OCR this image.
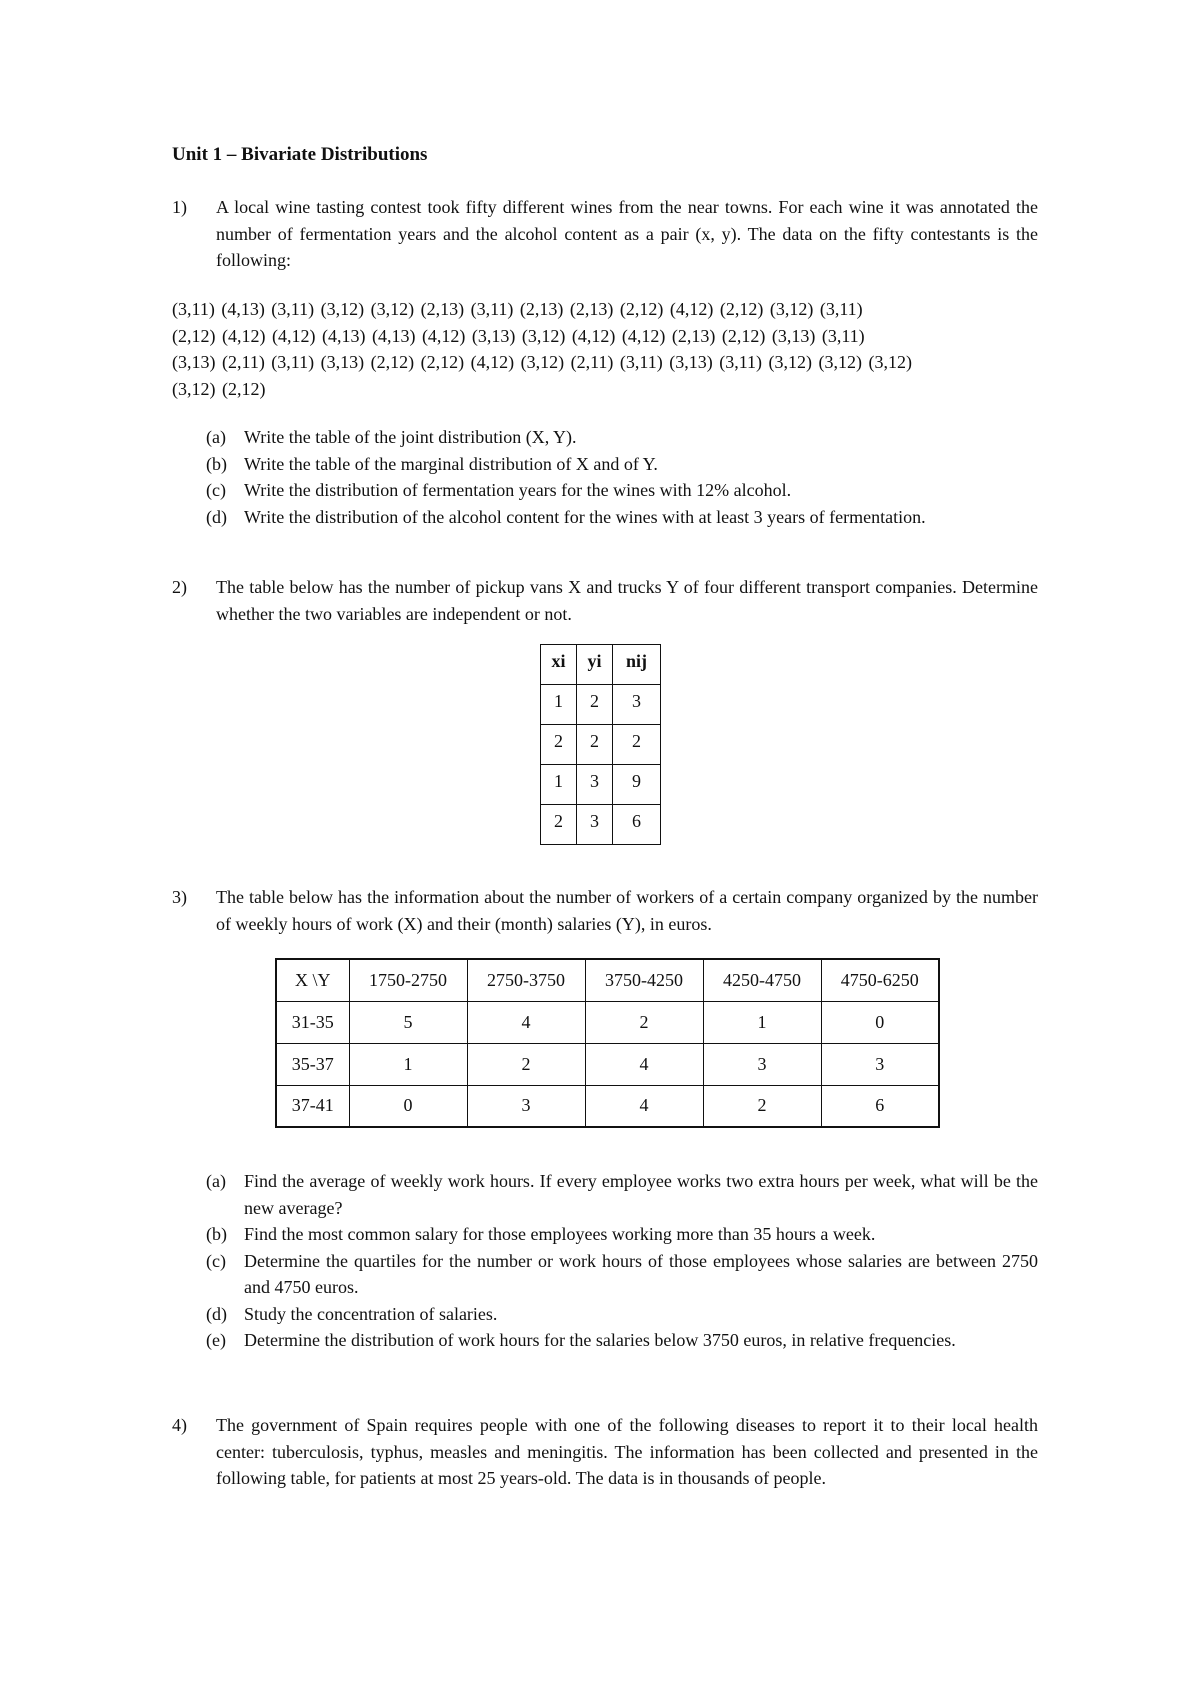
Unit 1 – Bivariate Distributions
1) A local wine tasting contest took fifty different wines from the near towns. For each wine it was annotated the number of fermentation years and the alcohol content as a pair (x, y). The data on the fifty contestants is the following:
(3,11) (4,13) (3,11) (3,12) (3,12) (2,13) (3,11) (2,13) (2,13) (2,12) (4,12) (2,12) (3,12) (3,11)
(2,12) (4,12) (4,12) (4,13) (4,13) (4,12) (3,13) (3,12) (4,12) (4,12) (2,13) (2,12) (3,13) (3,11)
(3,13) (2,11) (3,11) (3,13) (2,12) (2,12) (4,12) (3,12) (2,11) (3,11) (3,13) (3,11) (3,12) (3,12) (3,12)
(3,12) (2,12)
(a) Write the table of the joint distribution (X, Y).
(b) Write the table of the marginal distribution of X and of Y.
(c) Write the distribution of fermentation years for the wines with 12% alcohol.
(d) Write the distribution of the alcohol content for the wines with at least 3 years of fermentation.
2) The table below has the number of pickup vans X and trucks Y of four different transport companies. Determine whether the two variables are independent or not.
xi	yi	nij
1	2	3
2	2	2
1	3	9
2	3	6
3) The table below has the information about the number of workers of a certain company organized by the number of weekly hours of work (X) and their (month) salaries (Y), in euros.
X \Y	1750-2750	2750-3750	3750-4250	4250-4750	4750-6250
31-35	5	4	2	1	0
35-37	1	2	4	3	3
37-41	0	3	4	2	6
(a) Find the average of weekly work hours. If every employee works two extra hours per week, what will be the new average?
(b) Find the most common salary for those employees working more than 35 hours a week.
(c) Determine the quartiles for the number or work hours of those employees whose salaries are between 2750 and 4750 euros.
(d) Study the concentration of salaries.
(e) Determine the distribution of work hours for the salaries below 3750 euros, in relative frequencies.
4) The government of Spain requires people with one of the following diseases to report it to their local health center: tuberculosis, typhus, measles and meningitis. The information has been collected and presented in the following table, for patients at most 25 years-old. The data is in thousands of people.
